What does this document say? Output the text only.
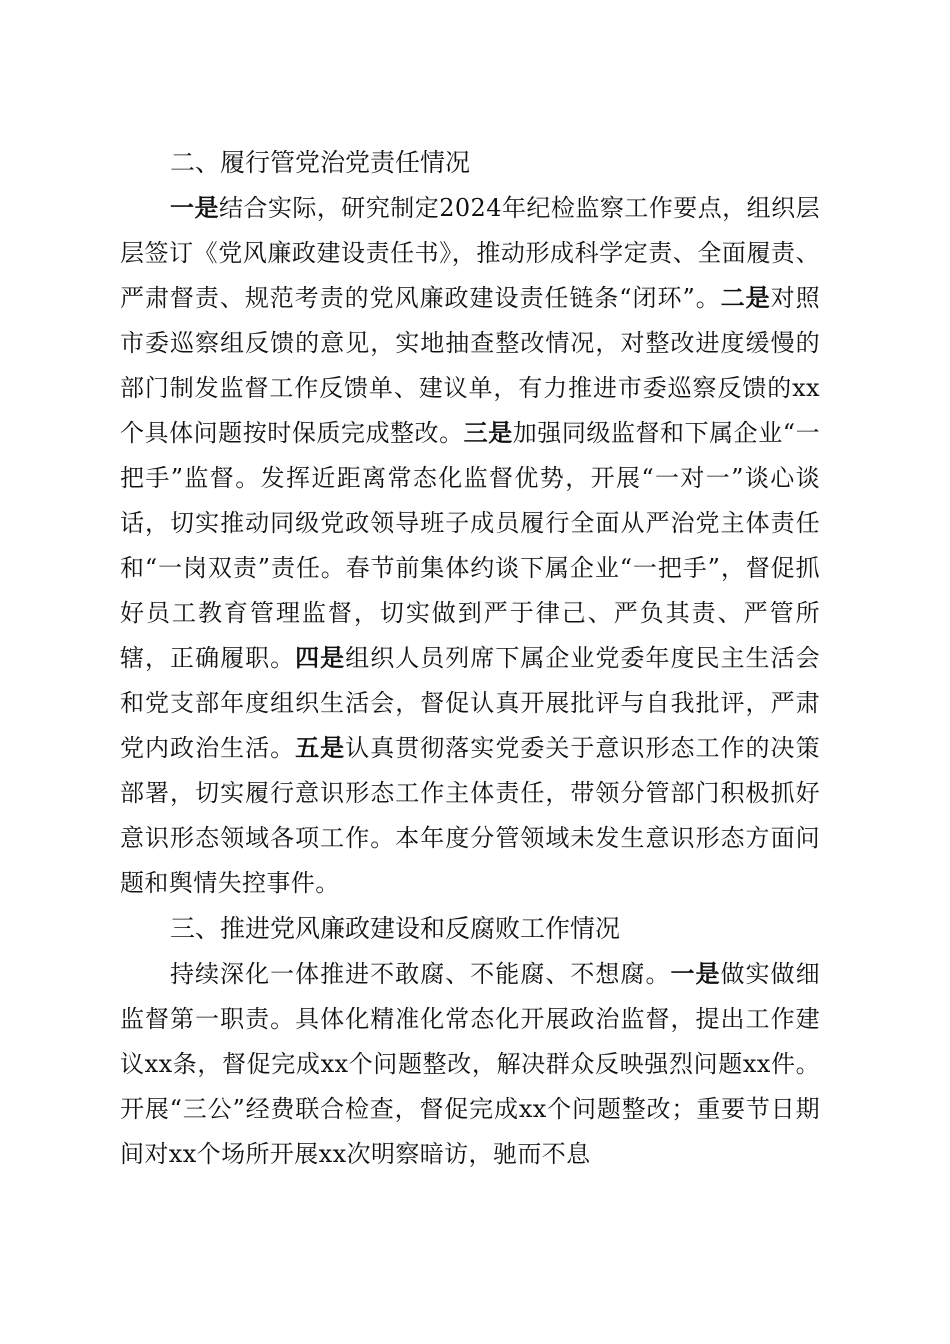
二、履行管党治党责任情况

一是结合实际，研究制定2024年纪检监察工作要点，组织层层签订《党风廉政建设责任书》，推动形成科学定责、全面履责、严肃督责、规范考责的党风廉政建设责任链条“闭环”。二是对照市委巡察组反馈的意见，实地抽查整改情况，对整改进度缓慢的部门制发监督工作反馈单、建议单，有力推进市委巡察反馈的xx个具体问题按时保质完成整改。三是加强同级监督和下属企业“一把手”监督。发挥近距离常态化监督优势，开展“一对一”谈心谈话，切实推动同级党政领导班子成员履行全面从严治党主体责任和“一岗双责”责任。春节前集体约谈下属企业“一把手”，督促抓好员工教育管理监督，切实做到严于律己、严负其责、严管所辖，正确履职。四是组织人员列席下属企业党委年度民主生活会和党支部年度组织生活会，督促认真开展批评与自我批评，严肃党内政治生活。五是认真贯彻落实党委关于意识形态工作的决策部署，切实履行意识形态工作主体责任，带领分管部门积极抓好意识形态领域各项工作。本年度分管领域未发生意识形态方面问题和舆情失控事件。

三、推进党风廉政建设和反腐败工作情况

持续深化一体推进不敢腐、不能腐、不想腐。一是做实做细监督第一职责。具体化精准化常态化开展政治监督，提出工作建议xx条，督促完成xx个问题整改，解决群众反映强烈问题xx件。开展“三公”经费联合检查，督促完成xx个问题整改；重要节日期间对xx个场所开展xx次明察暗访，驰而不息
